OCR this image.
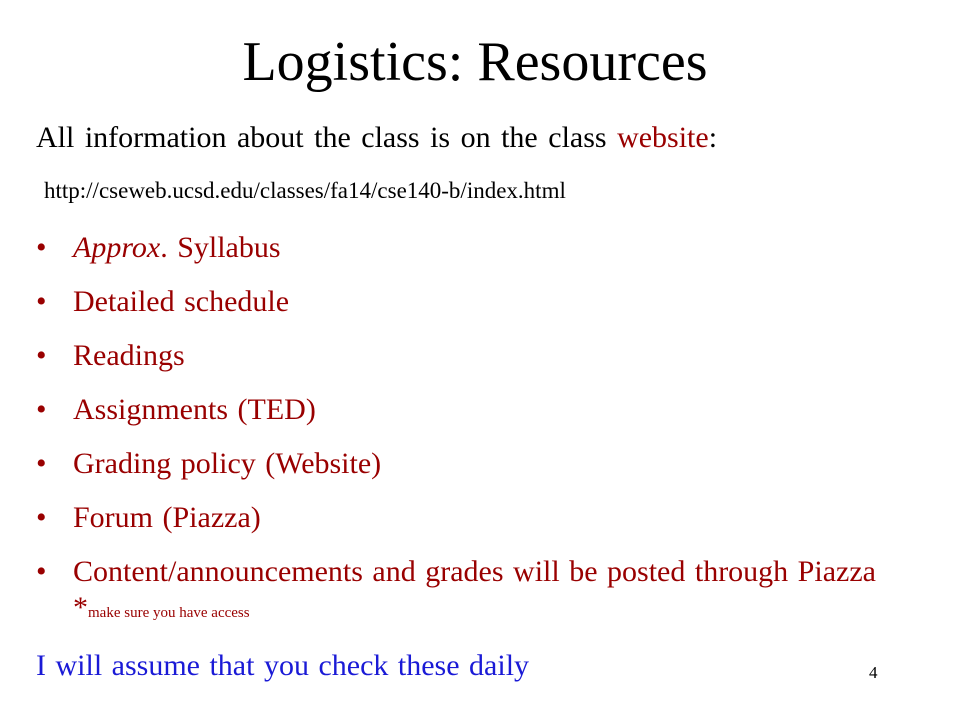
Logistics: Resources
All information about the class is on the class website:
http://cseweb.ucsd.edu/classes/fa14/cse140-b/index.html
• Approx. Syllabus
• Detailed schedule
• Readings
• Assignments (TED)
• Grading policy (Website)
• Forum (Piazza)
• Content/announcements and grades will be posted through Piazza *make sure you have access
I will assume that you check these daily	4
